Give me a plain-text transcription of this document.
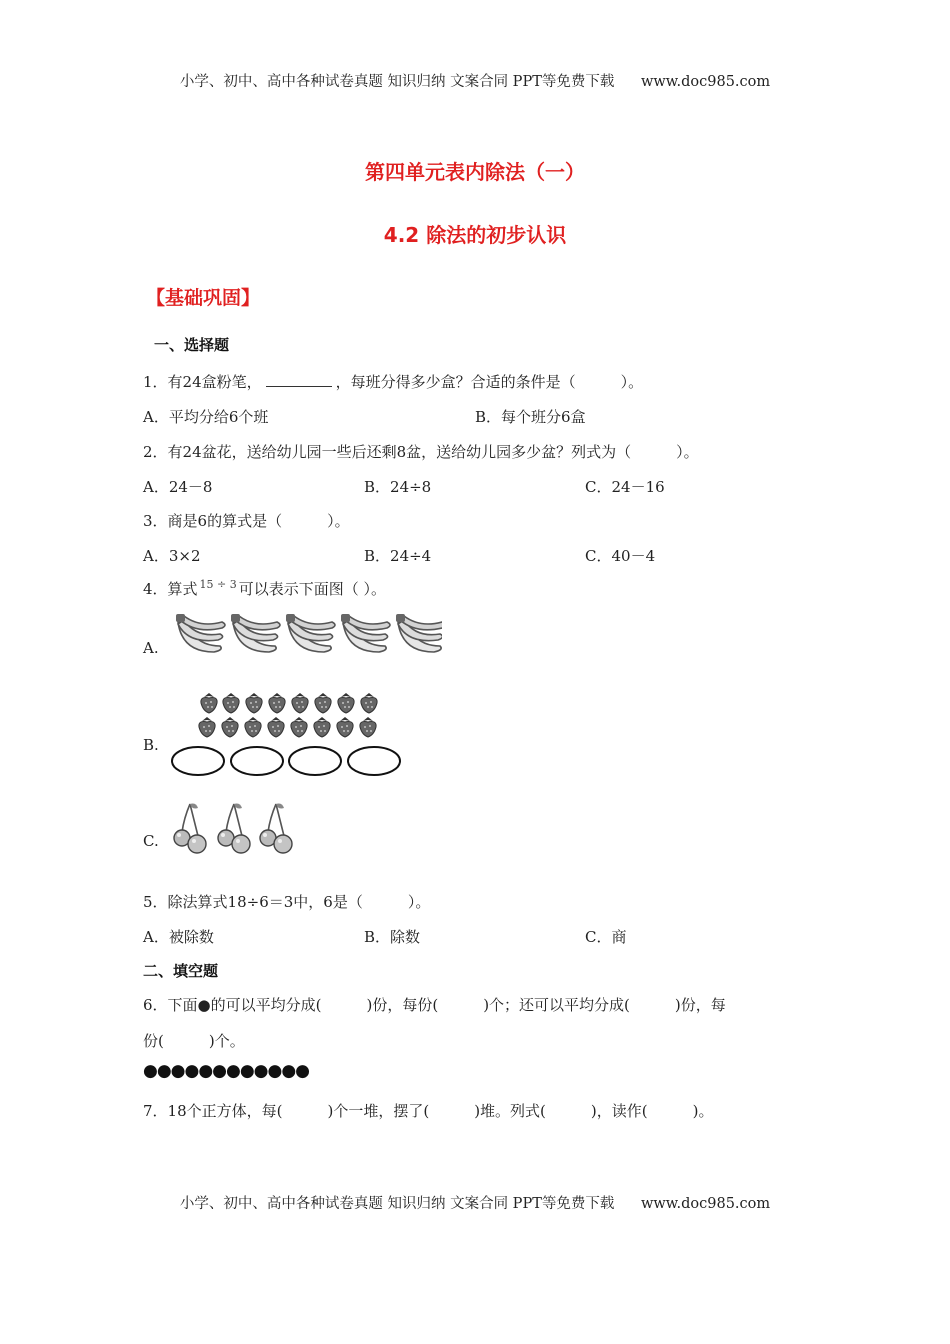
小学、初中、高中各种试卷真题 知识归纳 文案合同 PPT等免费下载 www.doc985.com
第四单元表内除法（一）
4.2 除法的初步认识
【基础巩固】
一、选择题
1．有24盒粉笔，	，每班分得多少盒？合适的条件是（　　　）。
A．平均分给6个班	B．每个班分6盒
2．有24盆花，送给幼儿园一些后还剩8盆，送给幼儿园多少盆？列式为（　　　）。
A．24－8	B．24÷8	C．24－16
3．商是6的算式是（　　　）。
A．3×2	B．24÷4	C．40－4
4．算式 $^{15 \div 3}$ 可以表示下面图（ ）。
A.
B.
C.
5．除法算式18÷6＝3中，6是（　　　）。
A．被除数	B．除数	C．商
二、填空题
6．下面●的可以平均分成(　　　)份，每份(　　　)个；还可以平均分成(　　　)份，每
份(　　　)个。
●●●●●●●●●●●●
7．18个正方体，每(　　　)个一堆，摆了(　　　)堆。列式(　　　)，读作(　　　)。
小学、初中、高中各种试卷真题 知识归纳 文案合同 PPT等免费下载 www.doc985.com
